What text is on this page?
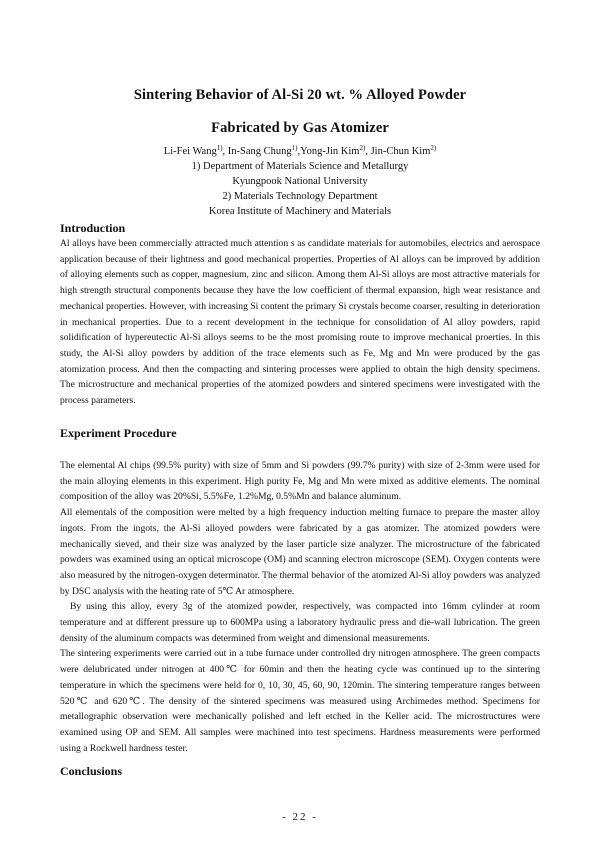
Sintering Behavior of Al-Si 20 wt. % Alloyed Powder
Fabricated by Gas Atomizer
Li-Fei Wang$^{1)}$, In-Sang Chung$^{1)}$,Yong-Jin Kim$^{2)}$, Jin-Chun Kim$^{2)}$
1) Department of Materials Science and Metallurgy
Kyungpook National University
2) Materials Technology Department
Korea Institute of Machinery and Materials
Introduction

Al alloys have been commercially attracted much attention s as candidate materials for automobiles, electrics and aerospace application because of their lightness and good mechanical properties. Properties of Al alloys can be improved by addition of alloying elements such as copper, magnesium, zinc and silicon. Among them Al-Si alloys are most attractive materials for high strength structural components because they have the low coefficient of thermal expansion, high wear resistance and mechanical properties. However, with increasing Si content the primary Si crystals become coarser, resulting in deterioration in mechanical properties. Due to a recent development in the technique for consolidation of Al alloy powders, rapid solidification of hypereutectic Al-Si alloys seems to be the most promising route to improve mechanical proerties. In this study, the Al-Si alloy powders by addition of the trace elements such as Fe, Mg and Mn were produced by the gas atomization process. And then the compacting and sintering processes were applied to obtain the high density specimens. The microstructure and mechanical properties of the atomized powders and sintered specimens were investigated with the process parameters.

Experiment Procedure

The elemental Al chips (99.5% purity) with size of 5mm and Si powders (99.7% purity) with size of 2-3mm were used for the main alloying elements in this experiment. High purity Fe, Mg and Mn were mixed as additive elements. The nominal composition of the alloy was 20%Si, 5.5%Fe, 1.2%Mg, 0.5%Mn and balance aluminum.

All elementals of the composition were melted by a high frequency induction melting furnace to prepare the master alloy ingots. From the ingots, the Al-Si alloyed powders were fabricated by a gas atomizer. The atomized powders were mechanically sieved, and their size was analyzed by the laser particle size analyzer. The microstructure of the fabricated powders was examined using an optical microscope (OM) and scanning electron microscope (SEM). Oxygen contents were also measured by the nitrogen-oxygen determinator. The thermal behavior of the atomized Al-Si alloy powders was analyzed by DSC analysis with the heating rate of 5℃ Ar atmosphere.

By using this alloy, every 3g of the atomized powder, respectively, was compacted into 16mm cylinder at room temperature and at different pressure up to 600MPa using a laboratory hydraulic press and die-wall lubrication. The green density of the aluminum compacts was determined from weight and dimensional measurements.

The sintering experiments were carried out in a tube furnace under controlled dry nitrogen atmosphere. The green compacts were delubricated under nitrogen at 400℃ for 60min and then the heating cycle was continued up to the sintering temperature in which the specimens were held for 0, 10, 30, 45, 60, 90, 120min. The sintering temperature ranges between 520℃ and 620℃. The density of the sintered specimens was measured using Archimedes method. Specimens for metallographic observation were mechanically polished and left etched in the Keller acid. The microstructures were examined using OP and SEM. All samples were machined into test specimens. Hardness measurements were performed using a Rockwell hardness tester.

Conclusions
- 22 -
